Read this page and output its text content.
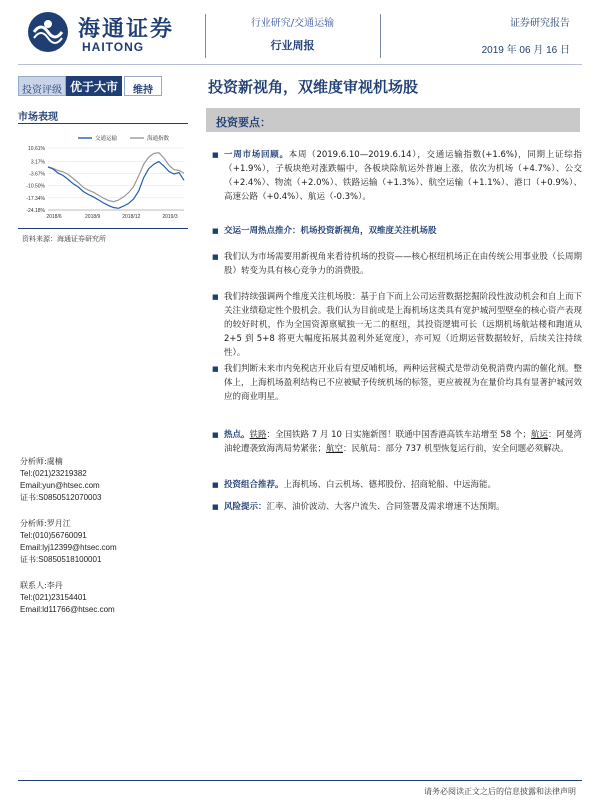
海通证券
HAITONG
行业研究/交通运输
行业周报
证券研究报告
2019 年 06 月 16 日
投资评级 优于大市	维持	投资新视角，双维度审视机场股
市场表现
10.61%
3.17%
-3.67%
-10.50%
-17.34%
-24.18%
2018/6	2018/9	2018/12	2019/3
交通运输	海通指数
资料来源：海通证券研究所
投资要点：
■ 一周市场回顾。本周（2019.6.10—2019.6.14），交通运输指数(+1.6%)，同期上证综指（+1.9%），子板块绝对涨跌幅中，各板块除航运外普遍上涨，依次为机场（+4.7%）、公交（+2.4%）、物流（+2.0%）、铁路运输（+1.3%）、航空运输（+1.1%）、港口（+0.9%）、高速公路（+0.4%）、航运（-0.3%）。
■ 交运一周热点推介：机场投资新视角，双维度关注机场股
■ 我们认为市场需要用新视角来看待机场的投资——核心枢纽机场正在由传统公用事业股（长周期股）转变为具有核心竞争力的消费股。
■ 我们持续强调两个维度关注机场股：基于自下而上公司运营数据挖掘阶段性波动机会和自上而下关注业绩稳定性个股机会。我们认为目前或是上海机场这类具有宽护城河型壁垒的核心资产表现的较好时机，作为全国资源禀赋独一无二的枢纽，其投资逻辑可长（远期机场航站楼和跑道从 2+5 到 5+8 将更大幅度拓展其盈利外延宽度），亦可短（近期运营数据较好，后续关注持续性）。
■ 我们判断未来市内免税店开业后有望反哺机场，两种运营模式是带动免税消费内需的催化剂。整体上，上海机场盈利结构已不应被赋予传统机场的标签，更应被视为在量价均具有显著护城河效应的商业明星。
■ 热点。铁路：全国铁路 7 月 10 日实施新图！联通中国香港高铁车站增至 58 个；航运：阿曼湾油轮遭袭致海湾局势紧张；航空：民航局：部分 737 机型恢复运行前，安全问题必须解决。
■ 投资组合推荐。上海机场、白云机场、德邦股份、招商轮船、中远海能。
■ 风险提示：汇率、油价波动、大客户流失、合同签署及需求增速不达预期。
分析师:虞楠
Tel:(021)23219382
Email:yun@htsec.com
证书:S0850512070003
分析师:罗月江
Tel:(010)56760091
Email:lyj12399@htsec.com
证书:S0850518100001
联系人:李丹
Tel:(021)23154401
Email:ld11766@htsec.com
请务必阅读正文之后的信息披露和法律声明
